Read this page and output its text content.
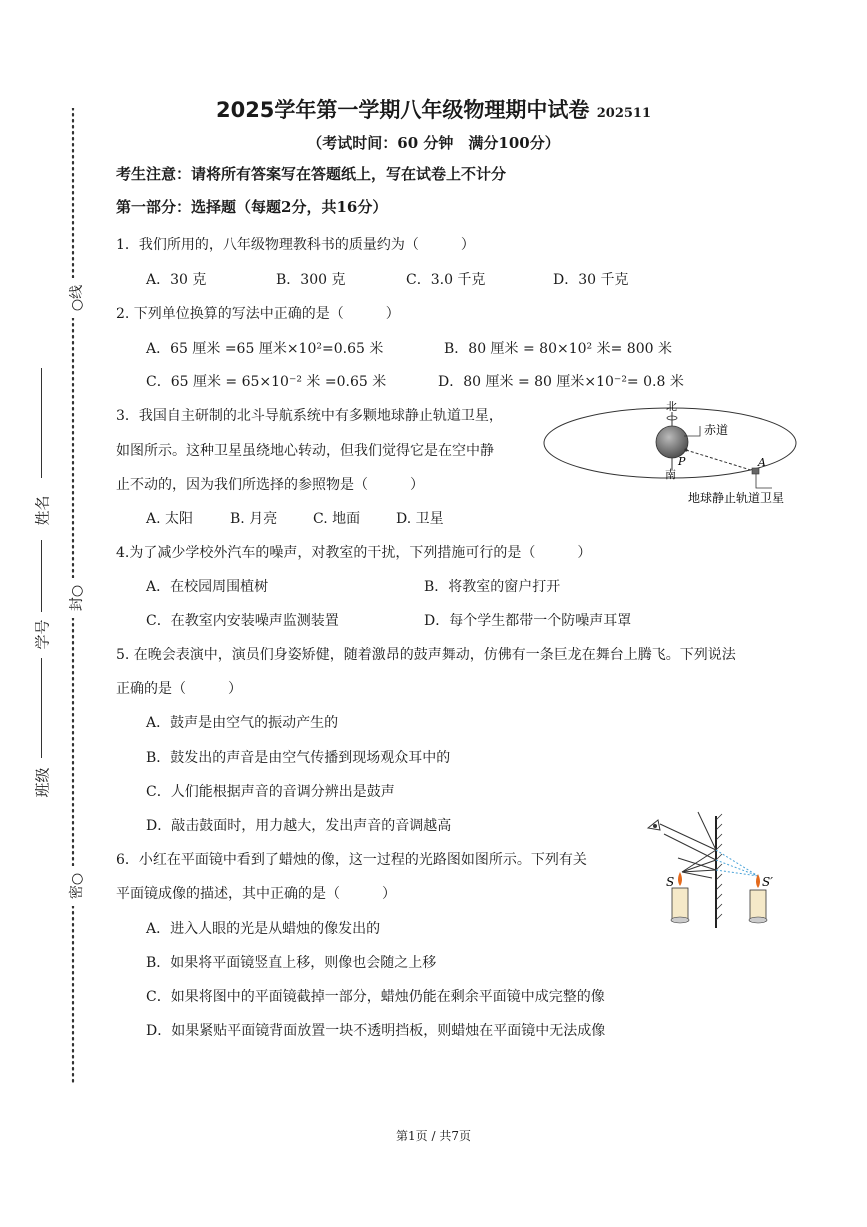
○线
封○
密○
姓名
学号
班级
2025学年第一学期八年级物理期中试卷 202511
（考试时间：60 分钟　满分100分）
考生注意：请将所有答案写在答题纸上，写在试卷上不计分
第一部分：选择题（每题2分，共16分）
1．我们所用的，八年级物理教科书的质量约为（　　　）
A．30 克	B．300 克	C．3.0 千克	D．30 千克
2. 下列单位换算的写法中正确的是（　　　）
A．65 厘米 =65 厘米×10²=0.65 米	B．80 厘米 = 80×10² 米= 800 米
C．65 厘米 = 65×10⁻² 米 =0.65 米	D．80 厘米 = 80 厘米×10⁻²= 0.8 米
3．我国自主研制的北斗导航系统中有多颗地球静止轨道卫星，
如图所示。这种卫星虽绕地心转动，但我们觉得它是在空中静
止不动的，因为我们所选择的参照物是（　　　）
A. 太阳	B. 月亮	C. 地面	D. 卫星
北
南
赤道
P	A
地球静止轨道卫星
4.为了减少学校外汽车的噪声，对教室的干扰，下列措施可行的是（　　　）
A．在校园周围植树	B．将教室的窗户打开
C．在教室内安装噪声监测装置	D．每个学生都带一个防噪声耳罩
5. 在晚会表演中，演员们身姿矫健，随着激昂的鼓声舞动，仿佛有一条巨龙在舞台上腾飞。下列说法
正确的是（　　　）
A．鼓声是由空气的振动产生的
B．鼓发出的声音是由空气传播到现场观众耳中的
C．人们能根据声音的音调分辨出是鼓声
D．敲击鼓面时，用力越大，发出声音的音调越高
6．小红在平面镜中看到了蜡烛的像，这一过程的光路图如图所示。下列有关
平面镜成像的描述，其中正确的是（　　　）
A．进入人眼的光是从蜡烛的像发出的
B．如果将平面镜竖直上移，则像也会随之上移
C．如果将图中的平面镜截掉一部分，蜡烛仍能在剩余平面镜中成完整的像
D．如果紧贴平面镜背面放置一块不透明挡板，则蜡烛在平面镜中无法成像
S	S′
第1页 / 共7页
